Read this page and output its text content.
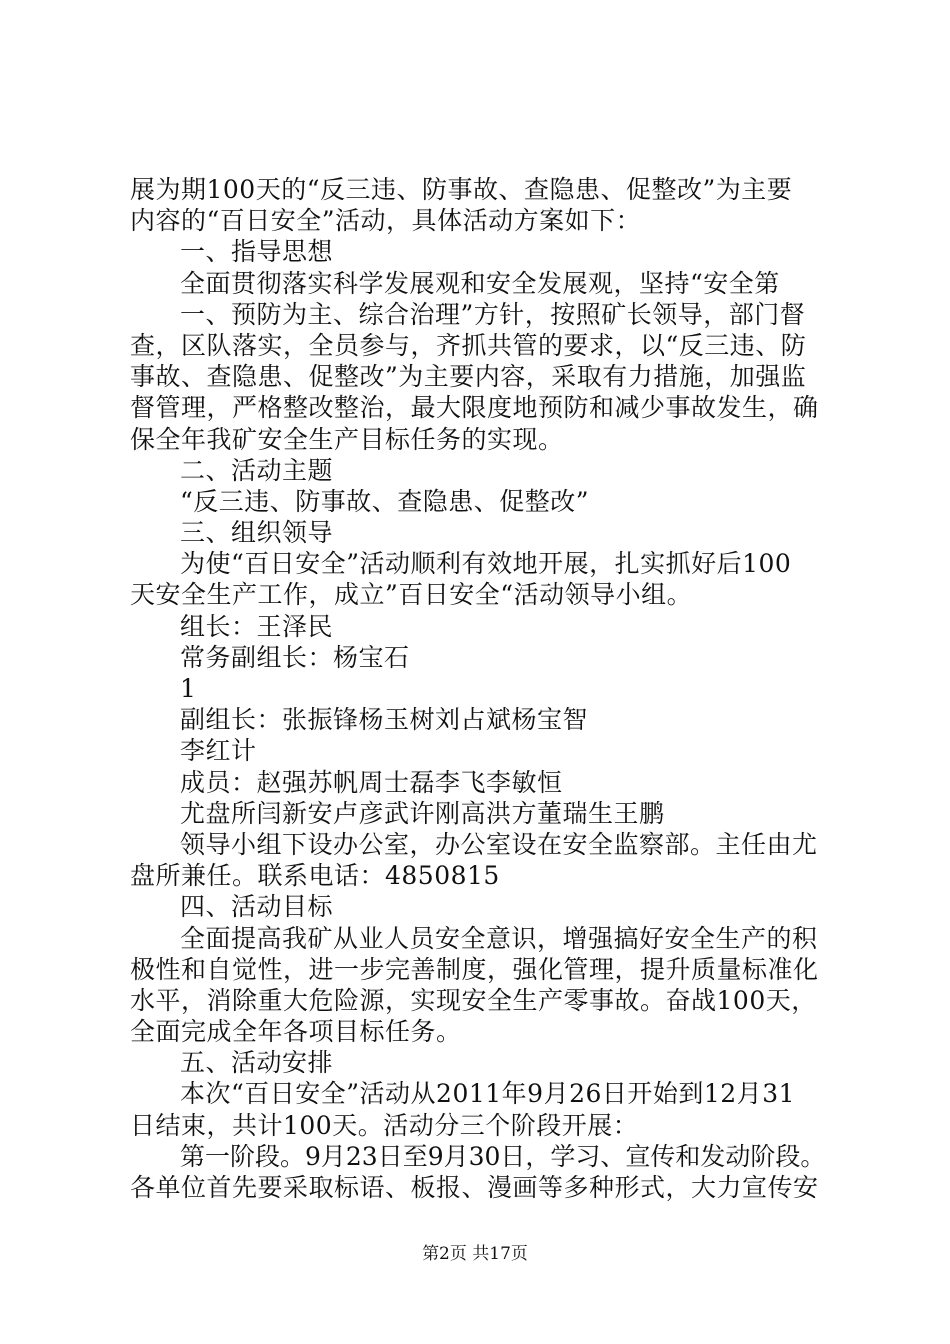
展为期100天的“反三违、防事故、查隐患、促整改”为主要
内容的“百日安全”活动，具体活动方案如下：
一、指导思想
全面贯彻落实科学发展观和安全发展观，坚持“安全第
一、预防为主、综合治理”方针，按照矿长领导，部门督
查，区队落实，全员参与，齐抓共管的要求，以“反三违、防
事故、查隐患、促整改”为主要内容，采取有力措施，加强监
督管理，严格整改整治，最大限度地预防和减少事故发生，确
保全年我矿安全生产目标任务的实现。
二、活动主题
“反三违、防事故、查隐患、促整改”
三、组织领导
为使“百日安全”活动顺利有效地开展，扎实抓好后100
天安全生产工作，成立”百日安全“活动领导小组。
组长：王泽民
常务副组长：杨宝石
1
副组长：张振锋杨玉树刘占斌杨宝智
李红计
成员：赵强苏帆周士磊李飞李敏恒
尤盘所闫新安卢彦武许刚高洪方董瑞生王鹏
领导小组下设办公室，办公室设在安全监察部。主任由尤
盘所兼任。联系电话：4850815
四、活动目标
全面提高我矿从业人员安全意识，增强搞好安全生产的积
极性和自觉性，进一步完善制度，强化管理，提升质量标准化
水平，消除重大危险源，实现安全生产零事故。奋战100天，
全面完成全年各项目标任务。
五、活动安排
本次“百日安全”活动从2011年9月26日开始到12月31
日结束，共计100天。活动分三个阶段开展：
第一阶段。9月23日至9月30日，学习、宣传和发动阶段。
各单位首先要采取标语、板报、漫画等多种形式，大力宣传安
第2页 共17页
